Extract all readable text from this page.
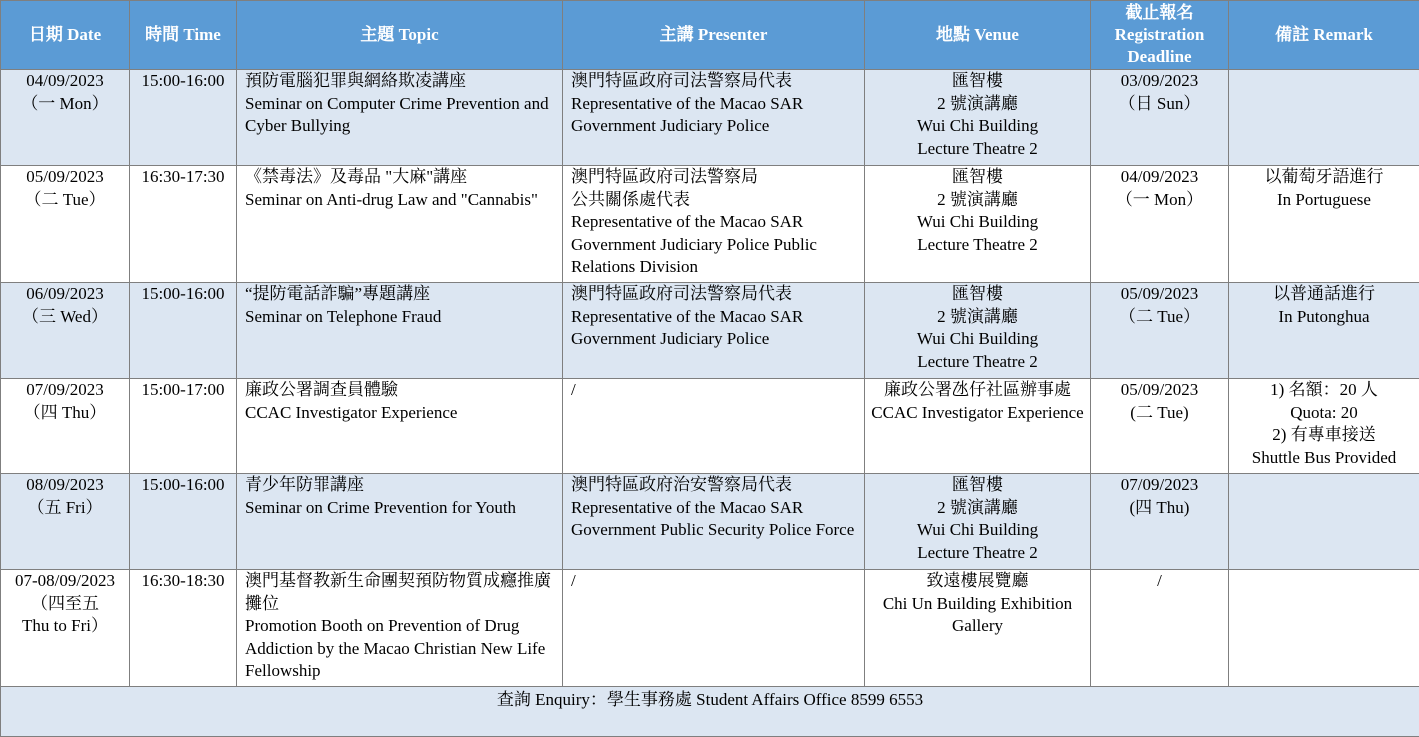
日期 Date	時間 Time	主題 Topic	主講 Presenter	地點 Venue	截止報名
Registration
Deadline	備註 Remark

04/09/2023
（一 Mon）	15:00-16:00	預防電腦犯罪與網絡欺凌講座
Seminar on Computer Crime Prevention and Cyber Bullying	澳門特區政府司法警察局代表
Representative of the Macao SAR Government Judiciary Police	匯智樓
2 號演講廳
Wui Chi Building
Lecture Theatre 2	03/09/2023
（日 Sun）	

05/09/2023
（二 Tue）	16:30-17:30	《禁毒法》及毒品 "大麻"講座
Seminar on Anti-drug Law and "Cannabis"	澳門特區政府司法警察局
公共關係處代表
Representative of the Macao SAR Government Judiciary Police Public Relations Division	匯智樓
2 號演講廳
Wui Chi Building
Lecture Theatre 2	04/09/2023
（一 Mon）	以葡萄牙語進行
In Portuguese

06/09/2023
（三 Wed）	15:00-16:00	“提防電話詐騙”專題講座
Seminar on Telephone Fraud	澳門特區政府司法警察局代表
Representative of the Macao SAR Government Judiciary Police	匯智樓
2 號演講廳
Wui Chi Building
Lecture Theatre 2	05/09/2023
（二 Tue）	以普通話進行
In Putonghua

07/09/2023
（四 Thu）	15:00-17:00	廉政公署調查員體驗
CCAC Investigator Experience	/	廉政公署氹仔社區辦事處
CCAC Investigator Experience	05/09/2023
(二 Tue)	1) 名額：20 人
Quota: 20
2) 有專車接送
Shuttle Bus Provided

08/09/2023
（五 Fri）	15:00-16:00	青少年防罪講座
Seminar on Crime Prevention for Youth	澳門特區政府治安警察局代表
Representative of the Macao SAR Government Public Security Police Force	匯智樓
2 號演講廳
Wui Chi Building
Lecture Theatre 2	07/09/2023
(四 Thu)	

07-08/09/2023
（四至五
Thu to Fri）	16:30-18:30	澳門基督教新生命團契預防物質成癮推廣攤位
Promotion Booth on Prevention of Drug Addiction by the Macao Christian New Life Fellowship	/	致遠樓展覽廳
Chi Un Building Exhibition Gallery	/	

查詢 Enquiry：學生事務處 Student Affairs Office 8599 6553						
